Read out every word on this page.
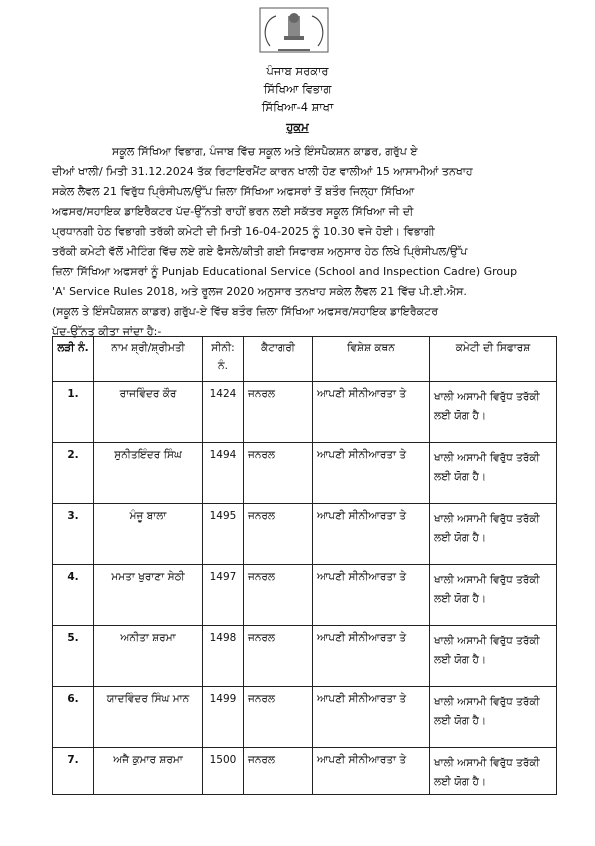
ਪੰਜਾਬ ਸਰਕਾਰ
ਸਿੱਖਿਆ ਵਿਭਾਗ
ਸਿੱਖਿਆ-4 ਸ਼ਾਖਾ
ਹੁਕਮ
ਸਕੂਲ ਸਿੱਖਿਆ ਵਿਭਾਗ, ਪੰਜਾਬ ਵਿੱਚ ਸਕੂਲ ਅਤੇ ਇੰਸਪੈਕਸ਼ਨ ਕਾਡਰ, ਗਰੁੱਪ ਏ
ਦੀਆਂ ਖਾਲੀ/ ਮਿਤੀ 31.12.2024 ਤੱਕ ਰਿਟਾਇਰਮੈਂਟ ਕਾਰਨ ਖਾਲੀ ਹੋਣ ਵਾਲੀਆਂ 15 ਆਸਾਮੀਆਂ ਤਨਖਾਹ
ਸਕੇਲ ਲੈਵਲ 21 ਵਿਰੁੱਧ ਪ੍ਰਿੰਸੀਪਲ/ਉੱਪ ਜ਼ਿਲਾ ਸਿੱਖਿਆ ਅਫਸਰਾਂ ਤੋਂ ਬਤੌਰ ਜਿਲ੍ਹਾ ਸਿੱਖਿਆ
ਅਫਸਰ/ਸਹਾਇਕ ਡਾਇਰੈਕਟਰ ਪੱਦ-ਉੱਨਤੀ ਰਾਹੀਂ ਭਰਨ ਲਈ ਸਕੱਤਰ ਸਕੂਲ ਸਿੱਖਿਆ ਜੀ ਦੀ
ਪ੍ਰਧਾਨਗੀ ਹੇਠ ਵਿਭਾਗੀ ਤਰੱਕੀ ਕਮੇਟੀ ਦੀ ਮਿਤੀ 16-04-2025 ਨੂੰ 10.30 ਵਜੇ ਹੋਈ। ਵਿਭਾਗੀ
ਤਰੱਕੀ ਕਮੇਟੀ ਵੱਲੋਂ ਮੀਟਿੰਗ ਵਿੱਚ ਲਏ ਗਏ ਫੈਸਲੇ/ਕੀਤੀ ਗਈ ਸਿਫਾਰਸ਼ ਅਨੁਸਾਰ ਹੇਠ ਲਿਖੇ ਪ੍ਰਿੰਸੀਪਲ/ਉੱਪ
ਜ਼ਿਲਾ ਸਿੱਖਿਆ ਅਫਸਰਾਂ ਨੂੰ Punjab Educational Service (School and Inspection Cadre) Group
'A' Service Rules 2018, ਅਤੇ ਰੂਲਜ 2020 ਅਨੁਸਾਰ ਤਨਖਾਹ ਸਕੇਲ ਲੈਵਲ 21 ਵਿੱਚ ਪੀ.ਈ.ਐਸ.
(ਸਕੂਲ ਤੇ ਇੰਸਪੈਕਸ਼ਨ ਕਾਡਰ) ਗਰੁੱਪ-ਏ ਵਿੱਚ ਬਤੌਰ ਜ਼ਿਲਾ ਸਿੱਖਿਆ ਅਫਸਰ/ਸਹਾਇਕ ਡਾਇਰੈਕਟਰ
ਪੱਦ-ਉੱਨਤ ਕੀਤਾ ਜਾਂਦਾ ਹੈ:-
ਲੜੀ ਨੰ.	ਨਾਮ ਸ਼੍ਰੀ/ਸ਼੍ਰੀਮਤੀ	ਸੀਨੀ: ਨੰ.	ਕੈਟਾਗਰੀ	ਵਿਸ਼ੇਸ਼ ਕਥਨ	ਕਮੇਟੀ ਦੀ ਸਿਫਾਰਸ਼
1.	ਰਾਜਵਿੰਦਰ ਕੌਰ	1424	ਜਨਰਲ	ਆਪਣੀ ਸੀਨੀਆਰਤਾ ਤੇ	ਖਾਲੀ ਅਸਾਮੀ ਵਿਰੁੱਧ ਤਰੱਕੀ ਲਈ ਯੋਗ ਹੈ।
2.	ਸੁਨੀਤਇੰਦਰ ਸਿੰਘ	1494	ਜਨਰਲ	ਆਪਣੀ ਸੀਨੀਆਰਤਾ ਤੇ	ਖਾਲੀ ਅਸਾਮੀ ਵਿਰੁੱਧ ਤਰੱਕੀ ਲਈ ਯੋਗ ਹੈ।
3.	ਮੰਜੂ ਬਾਲਾ	1495	ਜਨਰਲ	ਆਪਣੀ ਸੀਨੀਆਰਤਾ ਤੇ	ਖਾਲੀ ਅਸਾਮੀ ਵਿਰੁੱਧ ਤਰੱਕੀ ਲਈ ਯੋਗ ਹੈ।
4.	ਮਮਤਾ ਖੁਰਾਣਾ ਸੇਠੀ	1497	ਜਨਰਲ	ਆਪਣੀ ਸੀਨੀਆਰਤਾ ਤੇ	ਖਾਲੀ ਅਸਾਮੀ ਵਿਰੁੱਧ ਤਰੱਕੀ ਲਈ ਯੋਗ ਹੈ।
5.	ਅਨੀਤਾ ਸ਼ਰਮਾ	1498	ਜਨਰਲ	ਆਪਣੀ ਸੀਨੀਆਰਤਾ ਤੇ	ਖਾਲੀ ਅਸਾਮੀ ਵਿਰੁੱਧ ਤਰੱਕੀ ਲਈ ਯੋਗ ਹੈ।
6.	ਯਾਦਵਿੰਦਰ ਸਿੰਘ ਮਾਨ	1499	ਜਨਰਲ	ਆਪਣੀ ਸੀਨੀਆਰਤਾ ਤੇ	ਖਾਲੀ ਅਸਾਮੀ ਵਿਰੁੱਧ ਤਰੱਕੀ ਲਈ ਯੋਗ ਹੈ।
7.	ਅਜੈ ਕੁਮਾਰ ਸ਼ਰਮਾ	1500	ਜਨਰਲ	ਆਪਣੀ ਸੀਨੀਆਰਤਾ ਤੇ	ਖਾਲੀ ਅਸਾਮੀ ਵਿਰੁੱਧ ਤਰੱਕੀ ਲਈ ਯੋਗ ਹੈ।
